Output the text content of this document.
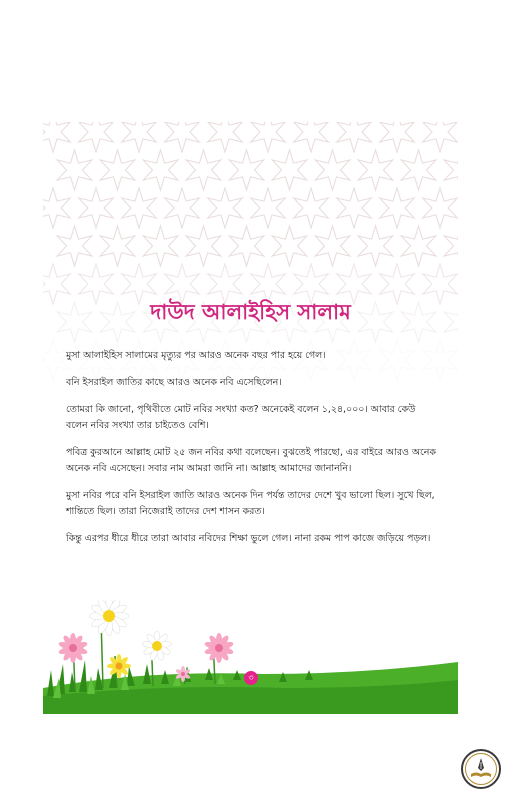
দাউদ আলাইহিস সালাম

মুসা আলাইহিস সালামের মৃত্যুর পর আরও অনেক বছর পার হয়ে গেল।

বনি ইসরাইল জাতির কাছে আরও অনেক নবি এসেছিলেন।

তোমরা কি জানো, পৃথিবীতে মোট নবির সংখ্যা কত? অনেকেই বলেন ১,২৪,০০০। আবার কেউ বলেন নবির সংখ্যা তার চাইতেও বেশি।

পবিত্র কুরআনে আল্লাহ মোট ২৫ জন নবির কথা বলেছেন। বুঝতেই পারছো, এর বাইরে আরও অনেক অনেক নবি এসেছেন। সবার নাম আমরা জানি না। আল্লাহ আমাদের জানাননি।

মুসা নবির পরে বনি ইসরাইল জাতি আরও অনেক দিন পর্যন্ত তাদের দেশে খুব ভালো ছিল। সুখে ছিল, শান্তিতে ছিল। তারা নিজেরাই তাদের দেশ শাসন করত।

কিন্তু এরপর ধীরে ধীরে তারা আবার নবিদের শিক্ষা ভুলে গেল। নানা রকম পাপ কাজে জড়িয়ে পড়ল।

৩
